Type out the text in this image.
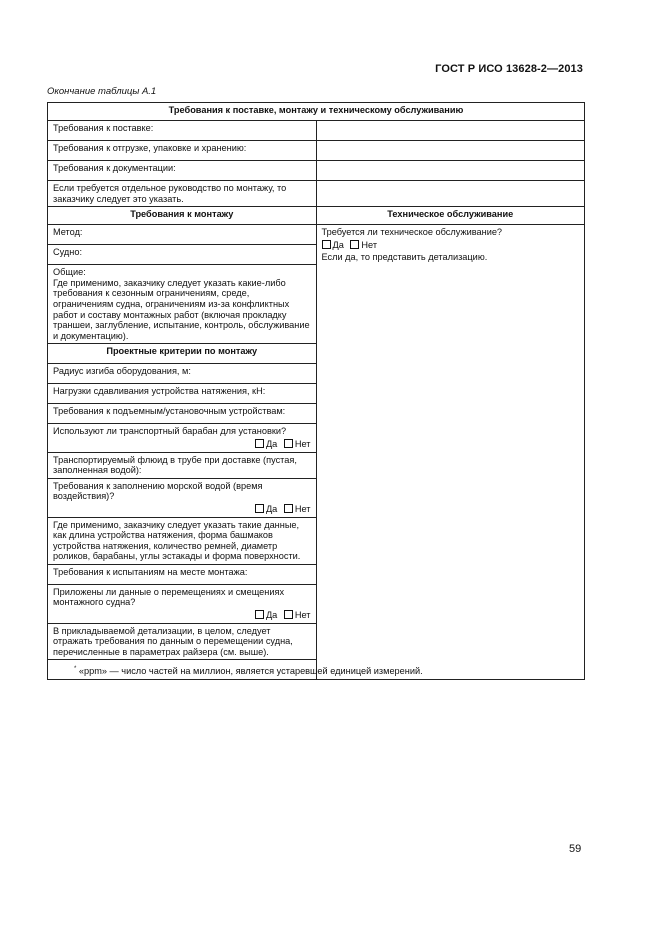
ГОСТ Р ИСО 13628-2—2013
Окончание таблицы А.1
Требования к поставке, монтажу и техническому обслуживанию	
Требования к поставке:	
Требования к отгрузке, упаковке и хранению:	
Требования к документации:	
Если требуется отдельное руководство по монтажу, то заказчику следует это указать.	
Требования к монтажу	Техническое обслуживание
Метод:	Требуется ли техническое обслуживание?
Да Нет
Если да, то представить детализацию.

Судно:	

Общие:
Где применимо, заказчику следует указать какие-либо требования к сезонным ограничениям, среде, ограничениям судна, ограничениям из-за конфликтных работ и составу монтажных работ (включая прокладку траншеи, заглубление, испытание, контроль, обслуживание и документацию).	

Проектные критерии по монтажу	
Радиус изгиба оборудования, м:	
Нагрузки сдавливания устройства натяжения, кН:	
Требования к подъемным/установочным устройствам:	

Используют ли транспортный барабан для установки?
Да Нет	

Транспортируемый флюид в трубе при доставке (пустая, заполненная водой):	

Требования к заполнению морской водой (время воздействия)?
Да Нет	

Где применимо, заказчику следует указать такие данные, как длина устройства натяжения, форма башмаков устройства натяжения, количество ремней, диаметр роликов, барабаны, углы эстакады и форма поверхности.	
Требования к испытаниям на месте монтажа:	

Приложены ли данные о перемещениях и смещениях монтажного судна?
Да Нет	

В прикладываемой детализации, в целом, следует отражать требования по данным о перемещении судна, перечисленные в параметрах райзера (см. выше).	
* «ppm» — число частей на миллион, является устаревшей единицей измерений.	
59
